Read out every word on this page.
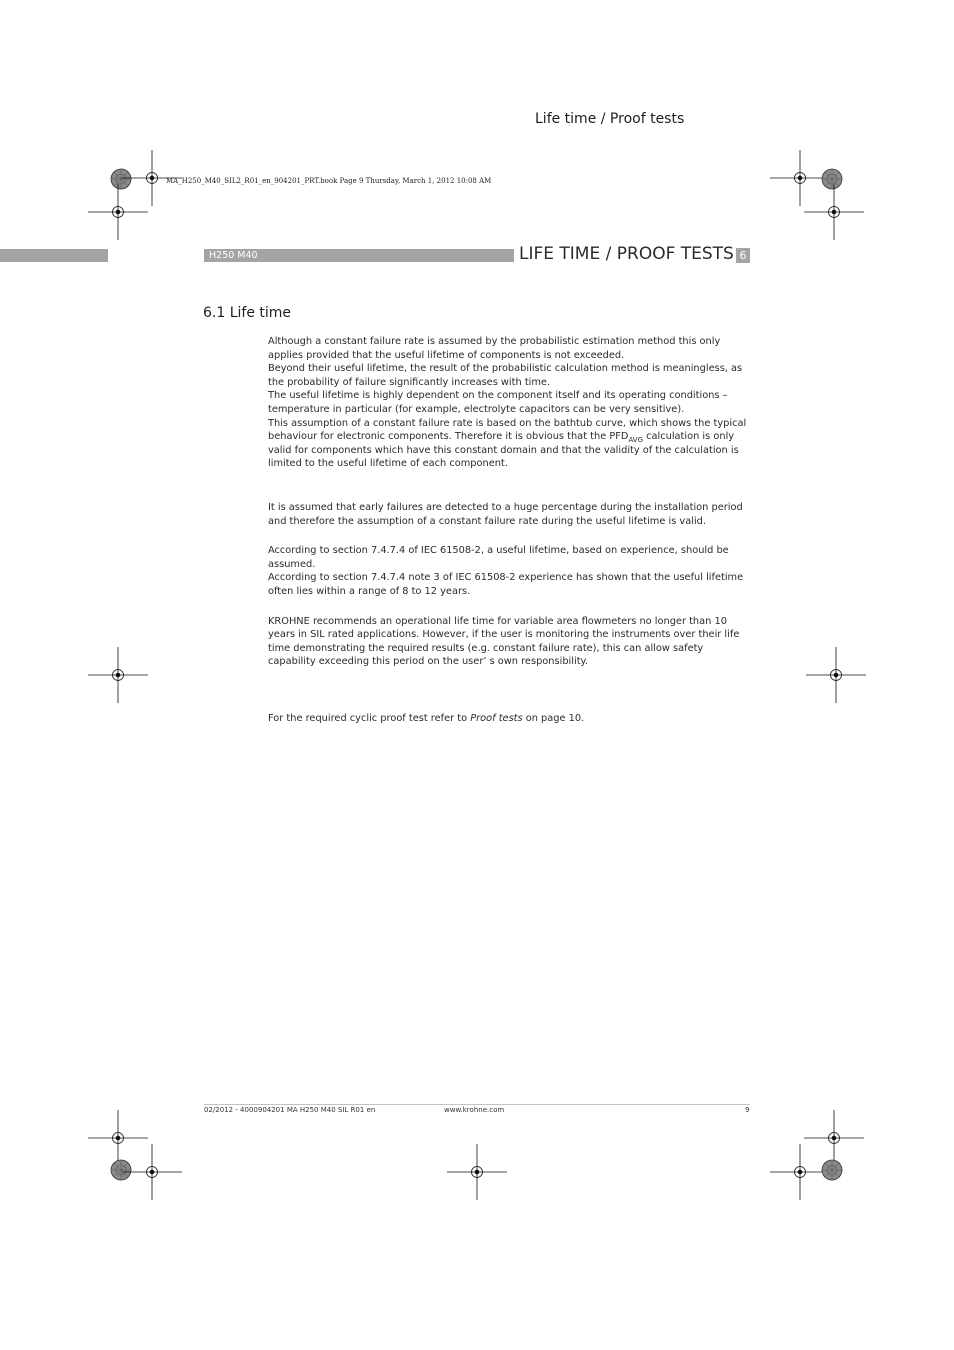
Life time / Proof tests
MA_H250_M40_SIL2_R01_en_904201_PRT.book Page 9 Thursday, March 1, 2012 10:08 AM
H250 M40	LIFE TIME / PROOF TESTS 6
6.1 Life time

Although a constant failure rate is assumed by the probabilistic estimation method this only applies provided that the useful lifetime of components is not exceeded.

Beyond their useful lifetime, the result of the probabilistic calculation method is meaningless, as the probability of failure significantly increases with time.

The useful lifetime is highly dependent on the component itself and its operating conditions – temperature in particular (for example, electrolyte capacitors can be very sensitive).

This assumption of a constant failure rate is based on the bathtub curve, which shows the typical behaviour for electronic components. Therefore it is obvious that the $PFD_{AVG}$ calculation is only valid for components which have this constant domain and that the validity of the calculation is limited to the useful lifetime of each component.

It is assumed that early failures are detected to a huge percentage during the installation period and therefore the assumption of a constant failure rate during the useful lifetime is valid.

According to section 7.4.7.4 of IEC 61508-2, a useful lifetime, based on experience, should be assumed.

According to section 7.4.7.4 note 3 of IEC 61508-2 experience has shown that the useful lifetime often lies within a range of 8 to 12 years.

KROHNE recommends an operational life time for variable area flowmeters no longer than 10 years in SIL rated applications. However, if the user is monitoring the instruments over their life time demonstrating the required results (e.g. constant failure rate), this can allow safety capability exceeding this period on the user’ s own responsibility.

For the required cyclic proof test refer to Proof tests on page 10.

02/2012 - 4000904201 MA H250 M40 SIL R01 en	www.krohne.com	9
